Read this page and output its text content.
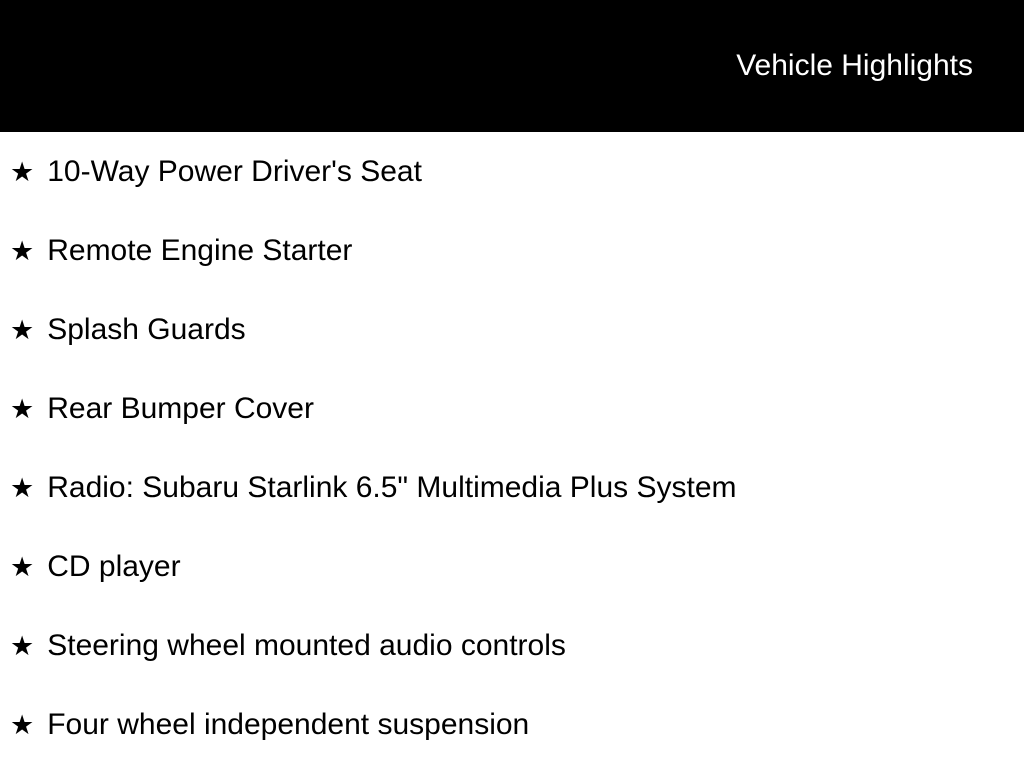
Vehicle Highlights
★ 10-Way Power Driver's Seat
★ Remote Engine Starter
★ Splash Guards
★ Rear Bumper Cover
★ Radio: Subaru Starlink 6.5" Multimedia Plus System
★ CD player
★ Steering wheel mounted audio controls
★ Four wheel independent suspension
